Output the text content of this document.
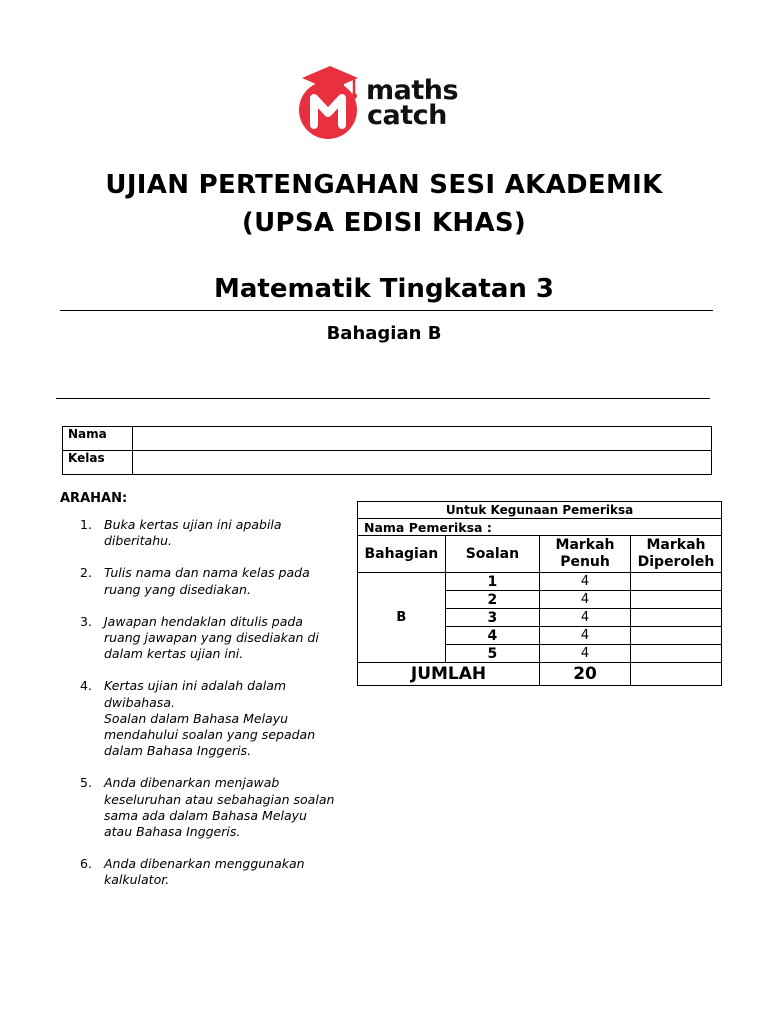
maths
catch
UJIAN PERTENGAHAN SESI AKADEMIK
(UPSA EDISI KHAS)
Matematik Tingkatan 3
Bahagian B
Nama	
Kelas	
ARAHAN:
1. Buka kertas ujian ini apabila
diberitahu.
2. Tulis nama dan nama kelas pada
ruang yang disediakan.
3. Jawapan hendaklan ditulis pada
ruang jawapan yang disediakan di
dalam kertas ujian ini.
4. Kertas ujian ini adalah dalam
dwibahasa.
Soalan dalam Bahasa Melayu
mendahului soalan yang sepadan
dalam Bahasa Inggeris.
5. Anda dibenarkan menjawab
keseluruhan atau sebahagian soalan
sama ada dalam Bahasa Melayu
atau Bahasa Inggeris.
6. Anda dibenarkan menggunakan
kalkulator.
Untuk Kegunaan Pemeriksa			
Nama Pemeriksa :			
Bahagian	Soalan	Markah Penuh	Markah Diperoleh
B	1	4	
	2	4	
	3	4	
	4	4	
	5	4	
JUMLAH		20	
